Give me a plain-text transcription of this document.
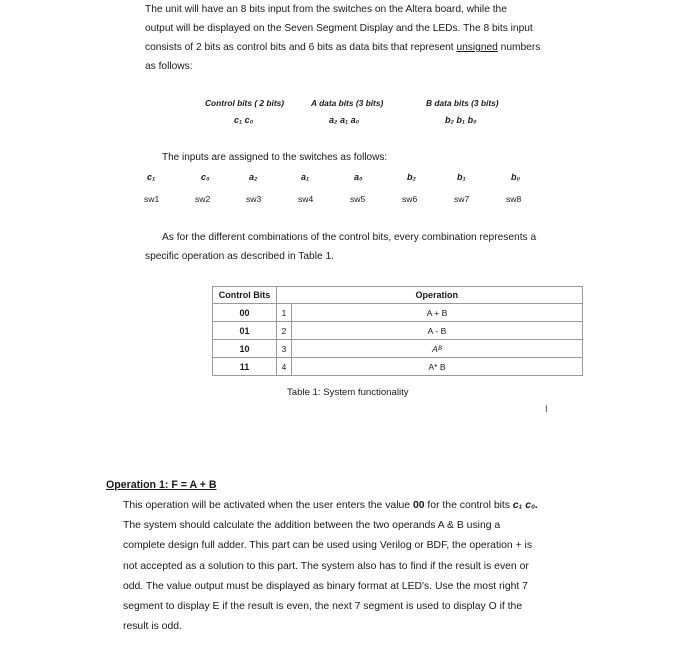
The unit will have an 8 bits input from the switches on the Altera board, while the
output will be displayed on the Seven Segment Display and the LEDs. The 8 bits input
consists of 2 bits as control bits and 6 bits as data bits that represent unsigned numbers
as follows:
Control bits ( 2 bits)
c₁ c₀
A data bits (3 bits)
a₂ a₁ a₀
B data bits (3 bits)
b₂ b₁ b₀
The inputs are assigned to the switches as follows:
c₁	c₀	a₂	a₁	a₀	b₂	b₁	b₀
sw1	sw2	sw3	sw4	sw5	sw6	sw7	sw8
As for the different combinations of the control bits, every combination represents a
specific operation as described in Table 1.
Control Bits		Operation
00	1	A + B
01	2	A - B
10	3	Aᴮ
11	4	A* B
Table 1: System functionality
I
Operation 1: F = A + B
This operation will be activated when the user enters the value 00 for the control bits c₁ c₀.
The system should calculate the addition between the two operands A & B using a
complete design full adder. This part can be used using Verilog or BDF, the operation + is
not accepted as a solution to this part. The system also has to find if the result is even or
odd. The value output must be displayed as binary format at LED's. Use the most right 7
segment to display E if the result is even, the next 7 segment is used to display O if the
result is odd.
